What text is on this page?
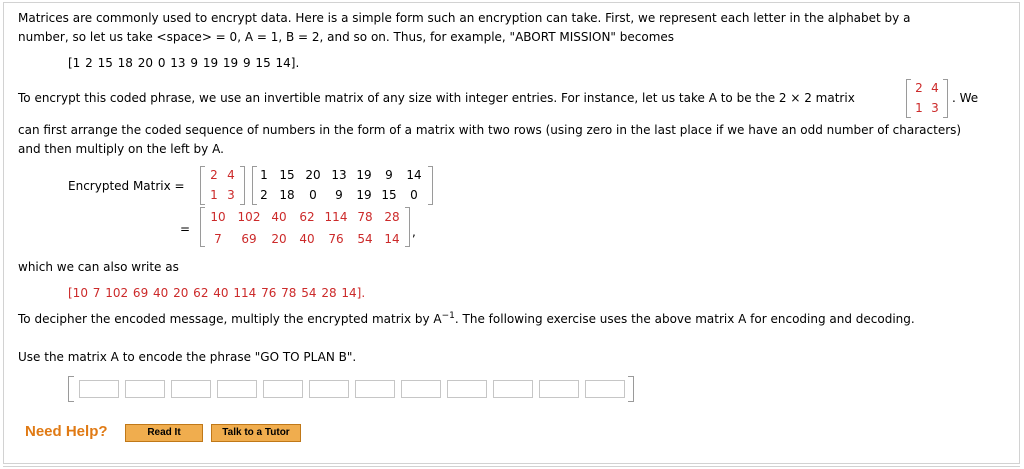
Matrices are commonly used to encrypt data. Here is a simple form such an encryption can take. First, we represent each letter in the alphabet by a
number, so let us take <space> = 0, A = 1, B = 2, and so on. Thus, for example, "ABORT MISSION" becomes
[1 2 15 18 20 0 13 9 19 19 9 15 14].
To encrypt this coded phrase, we use an invertible matrix of any size with integer entries. For instance, let us take A to be the 2 × 2 matrix
2 4
1 3
. We
can first arrange the coded sequence of numbers in the form of a matrix with two rows (using zero in the last place if we have an odd number of characters)
and then multiply on the left by A.
Encrypted Matrix =
2 4
1 3
1 15 20 13 19	9	14
2 18	0	9	19 15	0
=
10 102 40	62 114 78 28
7	69	20	40	76	54 14	,
which we can also write as
[10 7 102 69 40 20 62 40 114 76 78 54 28 14].
To decipher the encoded message, multiply the encrypted matrix by $A^{-1}$. The following exercise uses the above matrix A for encoding and decoding.
Use the matrix A to encode the phrase "GO TO PLAN B".
Need Help?	Read It	Talk to a Tutor
